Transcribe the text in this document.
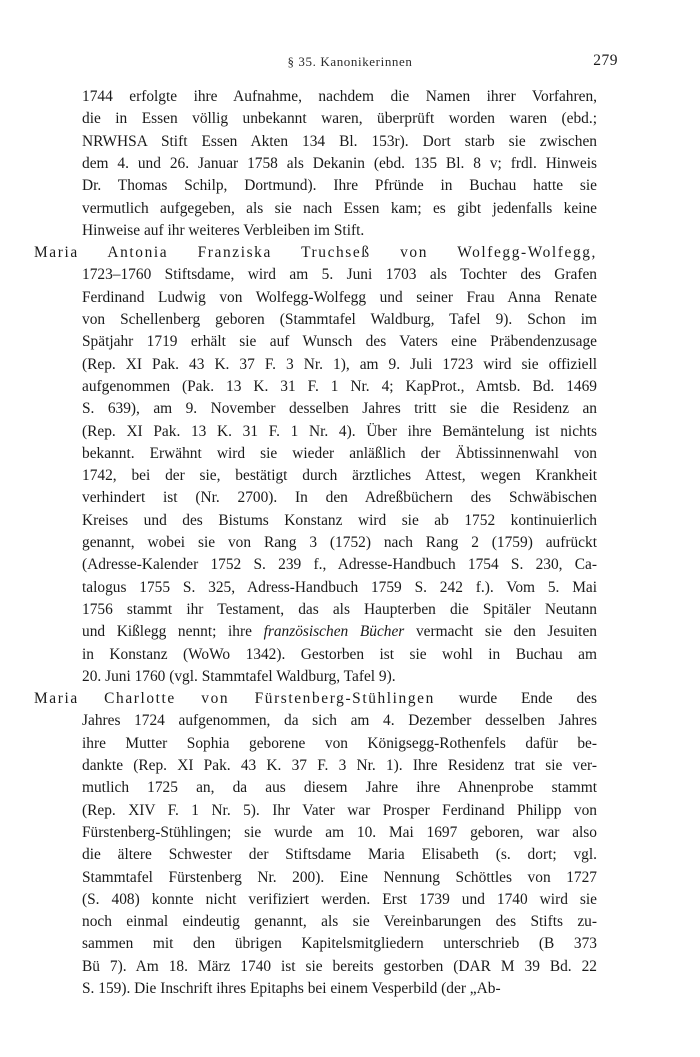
§ 35. Kanonikerinnen	279
1744 erfolgte ihre Aufnahme, nachdem die Namen ihrer Vorfahren,
die in Essen völlig unbekannt waren, überprüft worden waren (ebd.;
NRWHSA Stift Essen Akten 134 Bl. 153r). Dort starb sie zwischen
dem 4. und 26. Januar 1758 als Dekanin (ebd. 135 Bl. 8 v; frdl. Hinweis
Dr. Thomas Schilp, Dortmund). Ihre Pfründe in Buchau hatte sie
vermutlich aufgegeben, als sie nach Essen kam; es gibt jedenfalls keine
Hinweise auf ihr weiteres Verbleiben im Stift.
Maria Antonia Franziska Truchseß von Wolfegg-Wolfegg,
1723–1760 Stiftsdame, wird am 5. Juni 1703 als Tochter des Grafen
Ferdinand Ludwig von Wolfegg-Wolfegg und seiner Frau Anna Renate
von Schellenberg geboren (Stammtafel Waldburg, Tafel 9). Schon im
Spätjahr 1719 erhält sie auf Wunsch des Vaters eine Präbendenzusage
(Rep. XI Pak. 43 K. 37 F. 3 Nr. 1), am 9. Juli 1723 wird sie offiziell
aufgenommen (Pak. 13 K. 31 F. 1 Nr. 4; KapProt., Amtsb. Bd. 1469
S. 639), am 9. November desselben Jahres tritt sie die Residenz an
(Rep. XI Pak. 13 K. 31 F. 1 Nr. 4). Über ihre Bemäntelung ist nichts
bekannt. Erwähnt wird sie wieder anläßlich der Äbtissinnenwahl von
1742, bei der sie, bestätigt durch ärztliches Attest, wegen Krankheit
verhindert ist (Nr. 2700). In den Adreßbüchern des Schwäbischen
Kreises und des Bistums Konstanz wird sie ab 1752 kontinuierlich
genannt, wobei sie von Rang 3 (1752) nach Rang 2 (1759) aufrückt
(Adresse-Kalender 1752 S. 239 f., Adresse-Handbuch 1754 S. 230, Ca-
talogus 1755 S. 325, Adress-Handbuch 1759 S. 242 f.). Vom 5. Mai
1756 stammt ihr Testament, das als Haupterben die Spitäler Neutann
und Kißlegg nennt; ihre französischen Bücher vermacht sie den Jesuiten
in Konstanz (WoWo 1342). Gestorben ist sie wohl in Buchau am
20. Juni 1760 (vgl. Stammtafel Waldburg, Tafel 9).
Maria Charlotte von Fürstenberg-Stühlingen wurde Ende des
Jahres 1724 aufgenommen, da sich am 4. Dezember desselben Jahres
ihre Mutter Sophia geborene von Königsegg-Rothenfels dafür be-
dankte (Rep. XI Pak. 43 K. 37 F. 3 Nr. 1). Ihre Residenz trat sie ver-
mutlich 1725 an, da aus diesem Jahre ihre Ahnenprobe stammt
(Rep. XIV F. 1 Nr. 5). Ihr Vater war Prosper Ferdinand Philipp von
Fürstenberg-Stühlingen; sie wurde am 10. Mai 1697 geboren, war also
die ältere Schwester der Stiftsdame Maria Elisabeth (s. dort; vgl.
Stammtafel Fürstenberg Nr. 200). Eine Nennung Schöttles von 1727
(S. 408) konnte nicht verifiziert werden. Erst 1739 und 1740 wird sie
noch einmal eindeutig genannt, als sie Vereinbarungen des Stifts zu-
sammen mit den übrigen Kapitelsmitgliedern unterschrieb (B 373
Bü 7). Am 18. März 1740 ist sie bereits gestorben (DAR M 39 Bd. 22
S. 159). Die Inschrift ihres Epitaphs bei einem Vesperbild (der „Ab-
